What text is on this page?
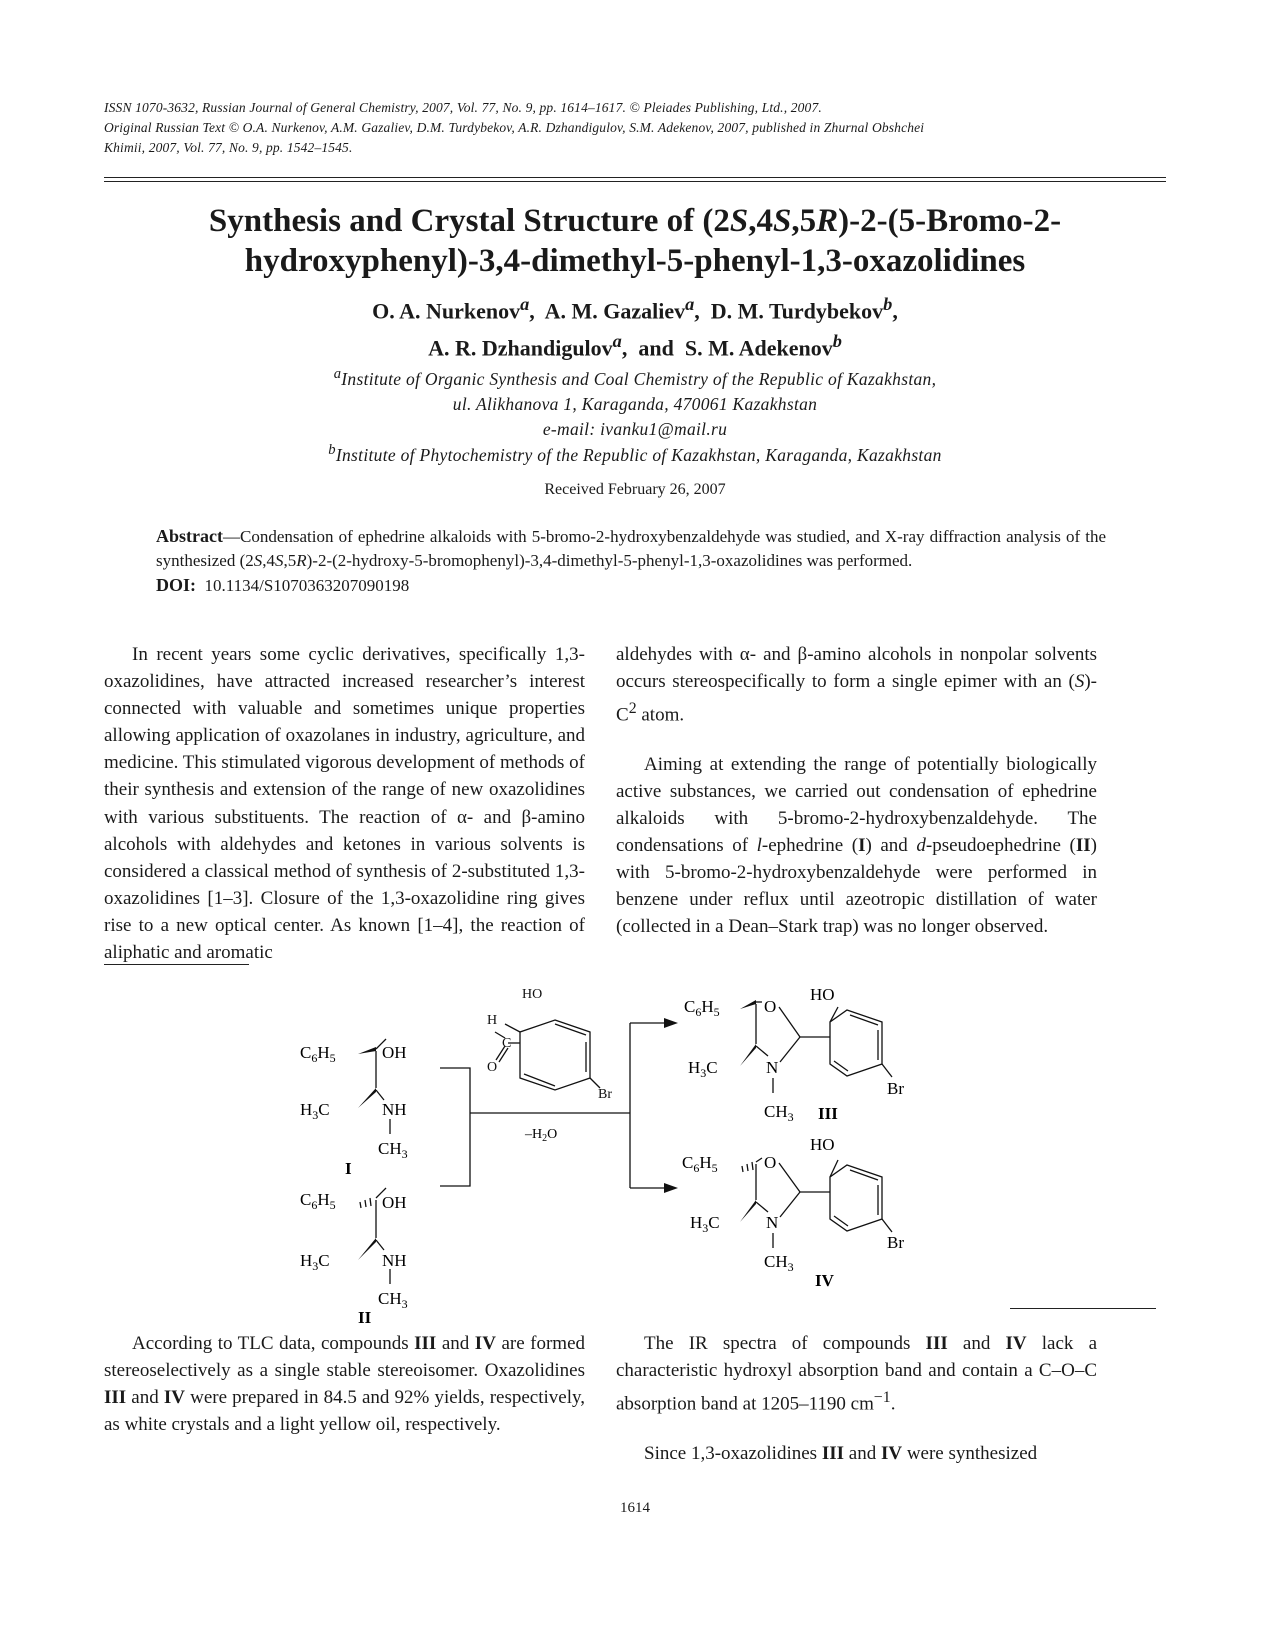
ISSN 1070-3632, Russian Journal of General Chemistry, 2007, Vol. 77, No. 9, pp. 1614–1617. © Pleiades Publishing, Ltd., 2007.
Original Russian Text © O.A. Nurkenov, A.M. Gazaliev, D.M. Turdybekov, A.R. Dzhandigulov, S.M. Adekenov, 2007, published in Zhurnal Obshchei
Khimii, 2007, Vol. 77, No. 9, pp. 1542–1545.
Synthesis and Crystal Structure of (2S,4S,5R)-2-(5-Bromo-2-
hydroxyphenyl)-3,4-dimethyl-5-phenyl-1,3-oxazolidines
O. A. Nurkenov$^a$,  A. M. Gazaliev$^a$,  D. M. Turdybekov$^b$,
A. R. Dzhandigulov$^a$,  and S. M. Adekenov$^b$
$^a$Institute of Organic Synthesis and Coal Chemistry of the Republic of Kazakhstan,
ul. Alikhanova 1, Karaganda, 470061 Kazakhstan
e-mail: ivanku1@mail.ru
$^b$Institute of Phytochemistry of the Republic of Kazakhstan, Karaganda, Kazakhstan
Received February 26, 2007
Abstract—Condensation of ephedrine alkaloids with 5-bromo-2-hydroxybenzaldehyde was studied, and X-ray diffraction analysis of the synthesized (2S,4S,5R)-2-(2-hydroxy-5-bromophenyl)-3,4-dimethyl-5-phenyl-1,3-oxazolidines was performed.
DOI: 10.1134/S1070363207090198

In recent years some cyclic derivatives, specifically 1,3-oxazolidines, have attracted increased researcher’s interest connected with valuable and sometimes unique properties allowing application of oxazolanes in industry, agriculture, and medicine. This stimulated vigorous development of methods of their synthesis and extension of the range of new oxazolidines with various substituents. The reaction of α- and β-amino alcohols with aldehydes and ketones in various solvents is considered a classical method of synthesis of 2-substituted 1,3-oxazolidines [1–3]. Closure of the 1,3-oxazolidine ring gives rise to a new optical center. As known [1–4], the reaction of aliphatic and aromatic

aldehydes with α- and β-amino alcohols in nonpolar solvents occurs stereospecifically to form a single epimer with an $(S)-C^2$ atom.

Aiming at extending the range of potentially biologically active substances, we carried out condensation of ephedrine alkaloids with 5-bromo-2-hydroxybenzaldehyde. The condensations of l-ephedrine (I) and d-pseudoephedrine (II) with 5-bromo-2-hydroxybenzaldehyde were performed in benzene under reflux until azeotropic distillation of water (collected in a Dean–Stark trap) was no longer observed.

$C_6H_5$	OH
$H_3C$	NH
$CH_3$
I
$C_6H_5$	OH
$H_3C$	NH
$CH_3$
II
$-H_2O$
HO
H
C
O
Br
$C_6H_5$	O
$H_3C$	N
$CH_3$ III
HO
Br
$C_6H_5$	O
$H_3C$	N
$CH_3$
IV
HO
Br

According to TLC data, compounds III and IV are formed stereoselectively as a single stable stereoisomer. Oxazolidines III and IV were prepared in 84.5 and 92% yields, respectively, as white crystals and a light yellow oil, respectively.

The IR spectra of compounds III and IV lack a characteristic hydroxyl absorption band and contain a C–O–C absorption band at 1205–1190 $cm^{-1}$.

Since 1,3-oxazolidines III and IV were synthesized

1614
